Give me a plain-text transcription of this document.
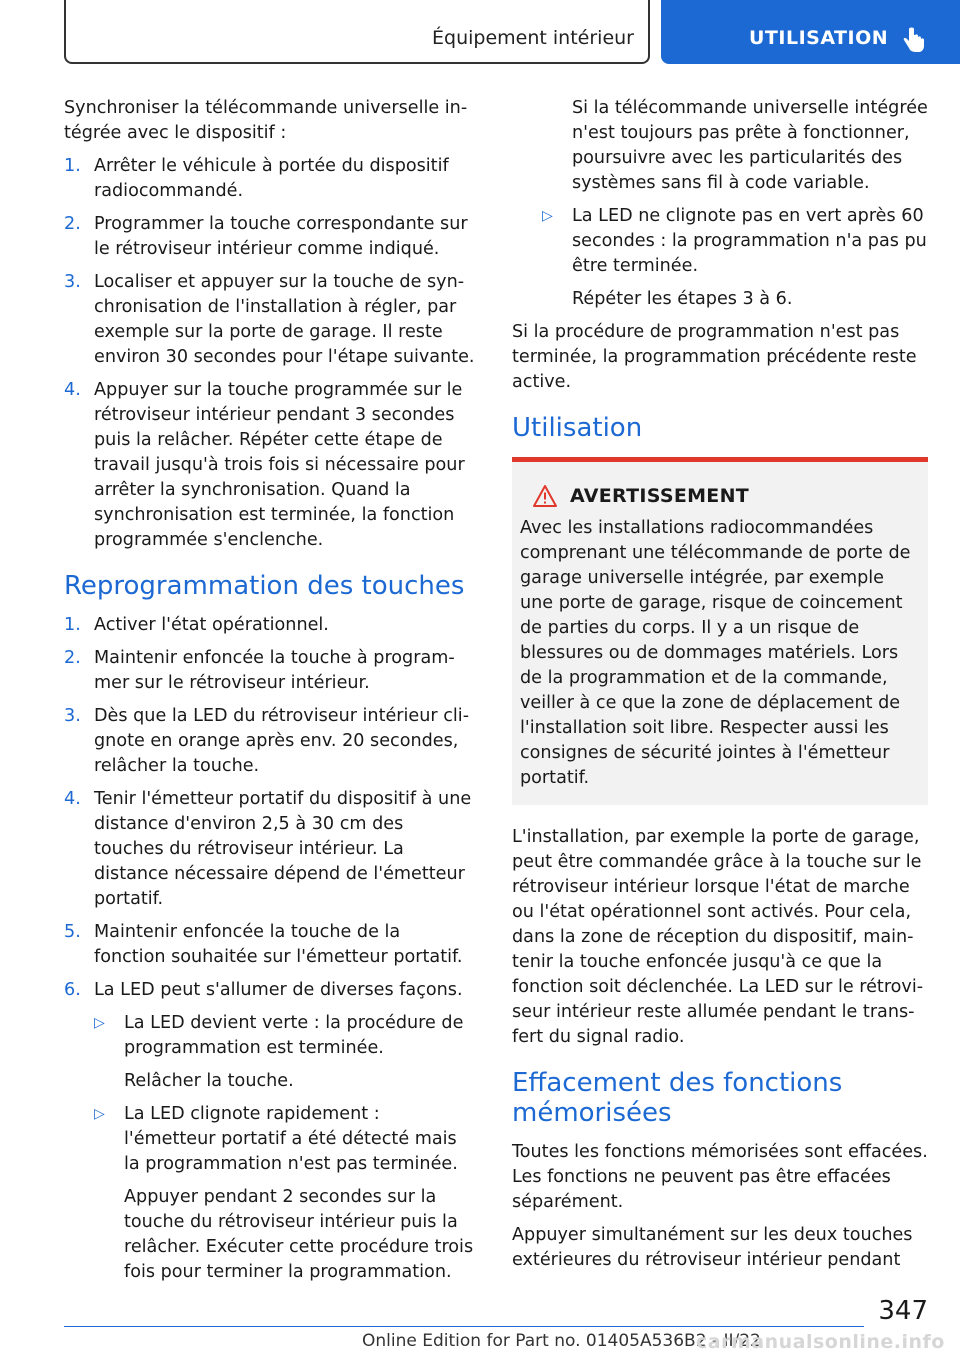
Équipement intérieur	UTILISATION

Synchroniser la télécommande universelle intégrée avec le dispositif :

1. Arrêter le véhicule à portée du dispositif radiocommandé.
2. Programmer la touche correspondante sur le rétroviseur intérieur comme indiqué.
3. Localiser et appuyer sur la touche de synchronisation de l'installation à régler, par exemple sur la porte de garage. Il reste environ 30 secondes pour l'étape suivante.
4. Appuyer sur la touche programmée sur le rétroviseur intérieur pendant 3 secondes puis la relâcher. Répéter cette étape de travail jusqu'à trois fois si nécessaire pour arrêter la synchronisation. Quand la synchronisation est terminée, la fonction programmée s'enclenche.
Reprogrammation des touches
1. Activer l'état opérationnel.
2. Maintenir enfoncée la touche à programmer sur le rétroviseur intérieur.
3. Dès que la LED du rétroviseur intérieur clignote en orange après env. 20 secondes, relâcher la touche.
4. Tenir l'émetteur portatif du dispositif à une distance d'environ 2,5 à 30 cm des touches du rétroviseur intérieur. La distance nécessaire dépend de l'émetteur portatif.
5. Maintenir enfoncée la touche de la fonction souhaitée sur l'émetteur portatif.
6. La LED peut s'allumer de diverses façons.
▷ La LED devient verte : la procédure de programmation est terminée.
Relâcher la touche.
▷ La LED clignote rapidement : l'émetteur portatif a été détecté mais la programmation n'est pas terminée.
Appuyer pendant 2 secondes sur la touche du rétroviseur intérieur puis la relâcher. Exécuter cette procédure trois fois pour terminer la programmation.
Si la télécommande universelle intégrée n'est toujours pas prête à fonctionner, poursuivre avec les particularités des systèmes sans fil à code variable.
▷ La LED ne clignote pas en vert après 60 secondes : la programmation n'a pas pu être terminée.
Répéter les étapes 3 à 6.

Si la procédure de programmation n'est pas terminée, la programmation précédente reste active.

Utilisation
AVERTISSEMENT

Avec les installations radiocommandées comprenant une télécommande de porte de garage universelle intégrée, par exemple une porte de garage, risque de coincement de parties du corps. Il y a un risque de blessures ou de dommages matériels. Lors de la programmation et de la commande, veiller à ce que la zone de déplacement de l'installation soit libre. Respecter aussi les consignes de sécurité jointes à l'émetteur portatif.

L'installation, par exemple la porte de garage, peut être commandée grâce à la touche sur le rétroviseur intérieur lorsque l'état de marche ou l'état opérationnel sont activés. Pour cela, dans la zone de réception du dispositif, maintenir la touche enfoncée jusqu'à ce que la fonction soit déclenchée. La LED sur le rétroviseur intérieur reste allumée pendant le transfert du signal radio.

Effacement des fonctions mémorisées

Toutes les fonctions mémorisées sont effacées. Les fonctions ne peuvent pas être effacées séparément.

Appuyer simultanément sur les deux touches extérieures du rétroviseur intérieur pendant

347
Online Edition for Part no. 01405A536B2 - II/22
carmanualsonline.info
